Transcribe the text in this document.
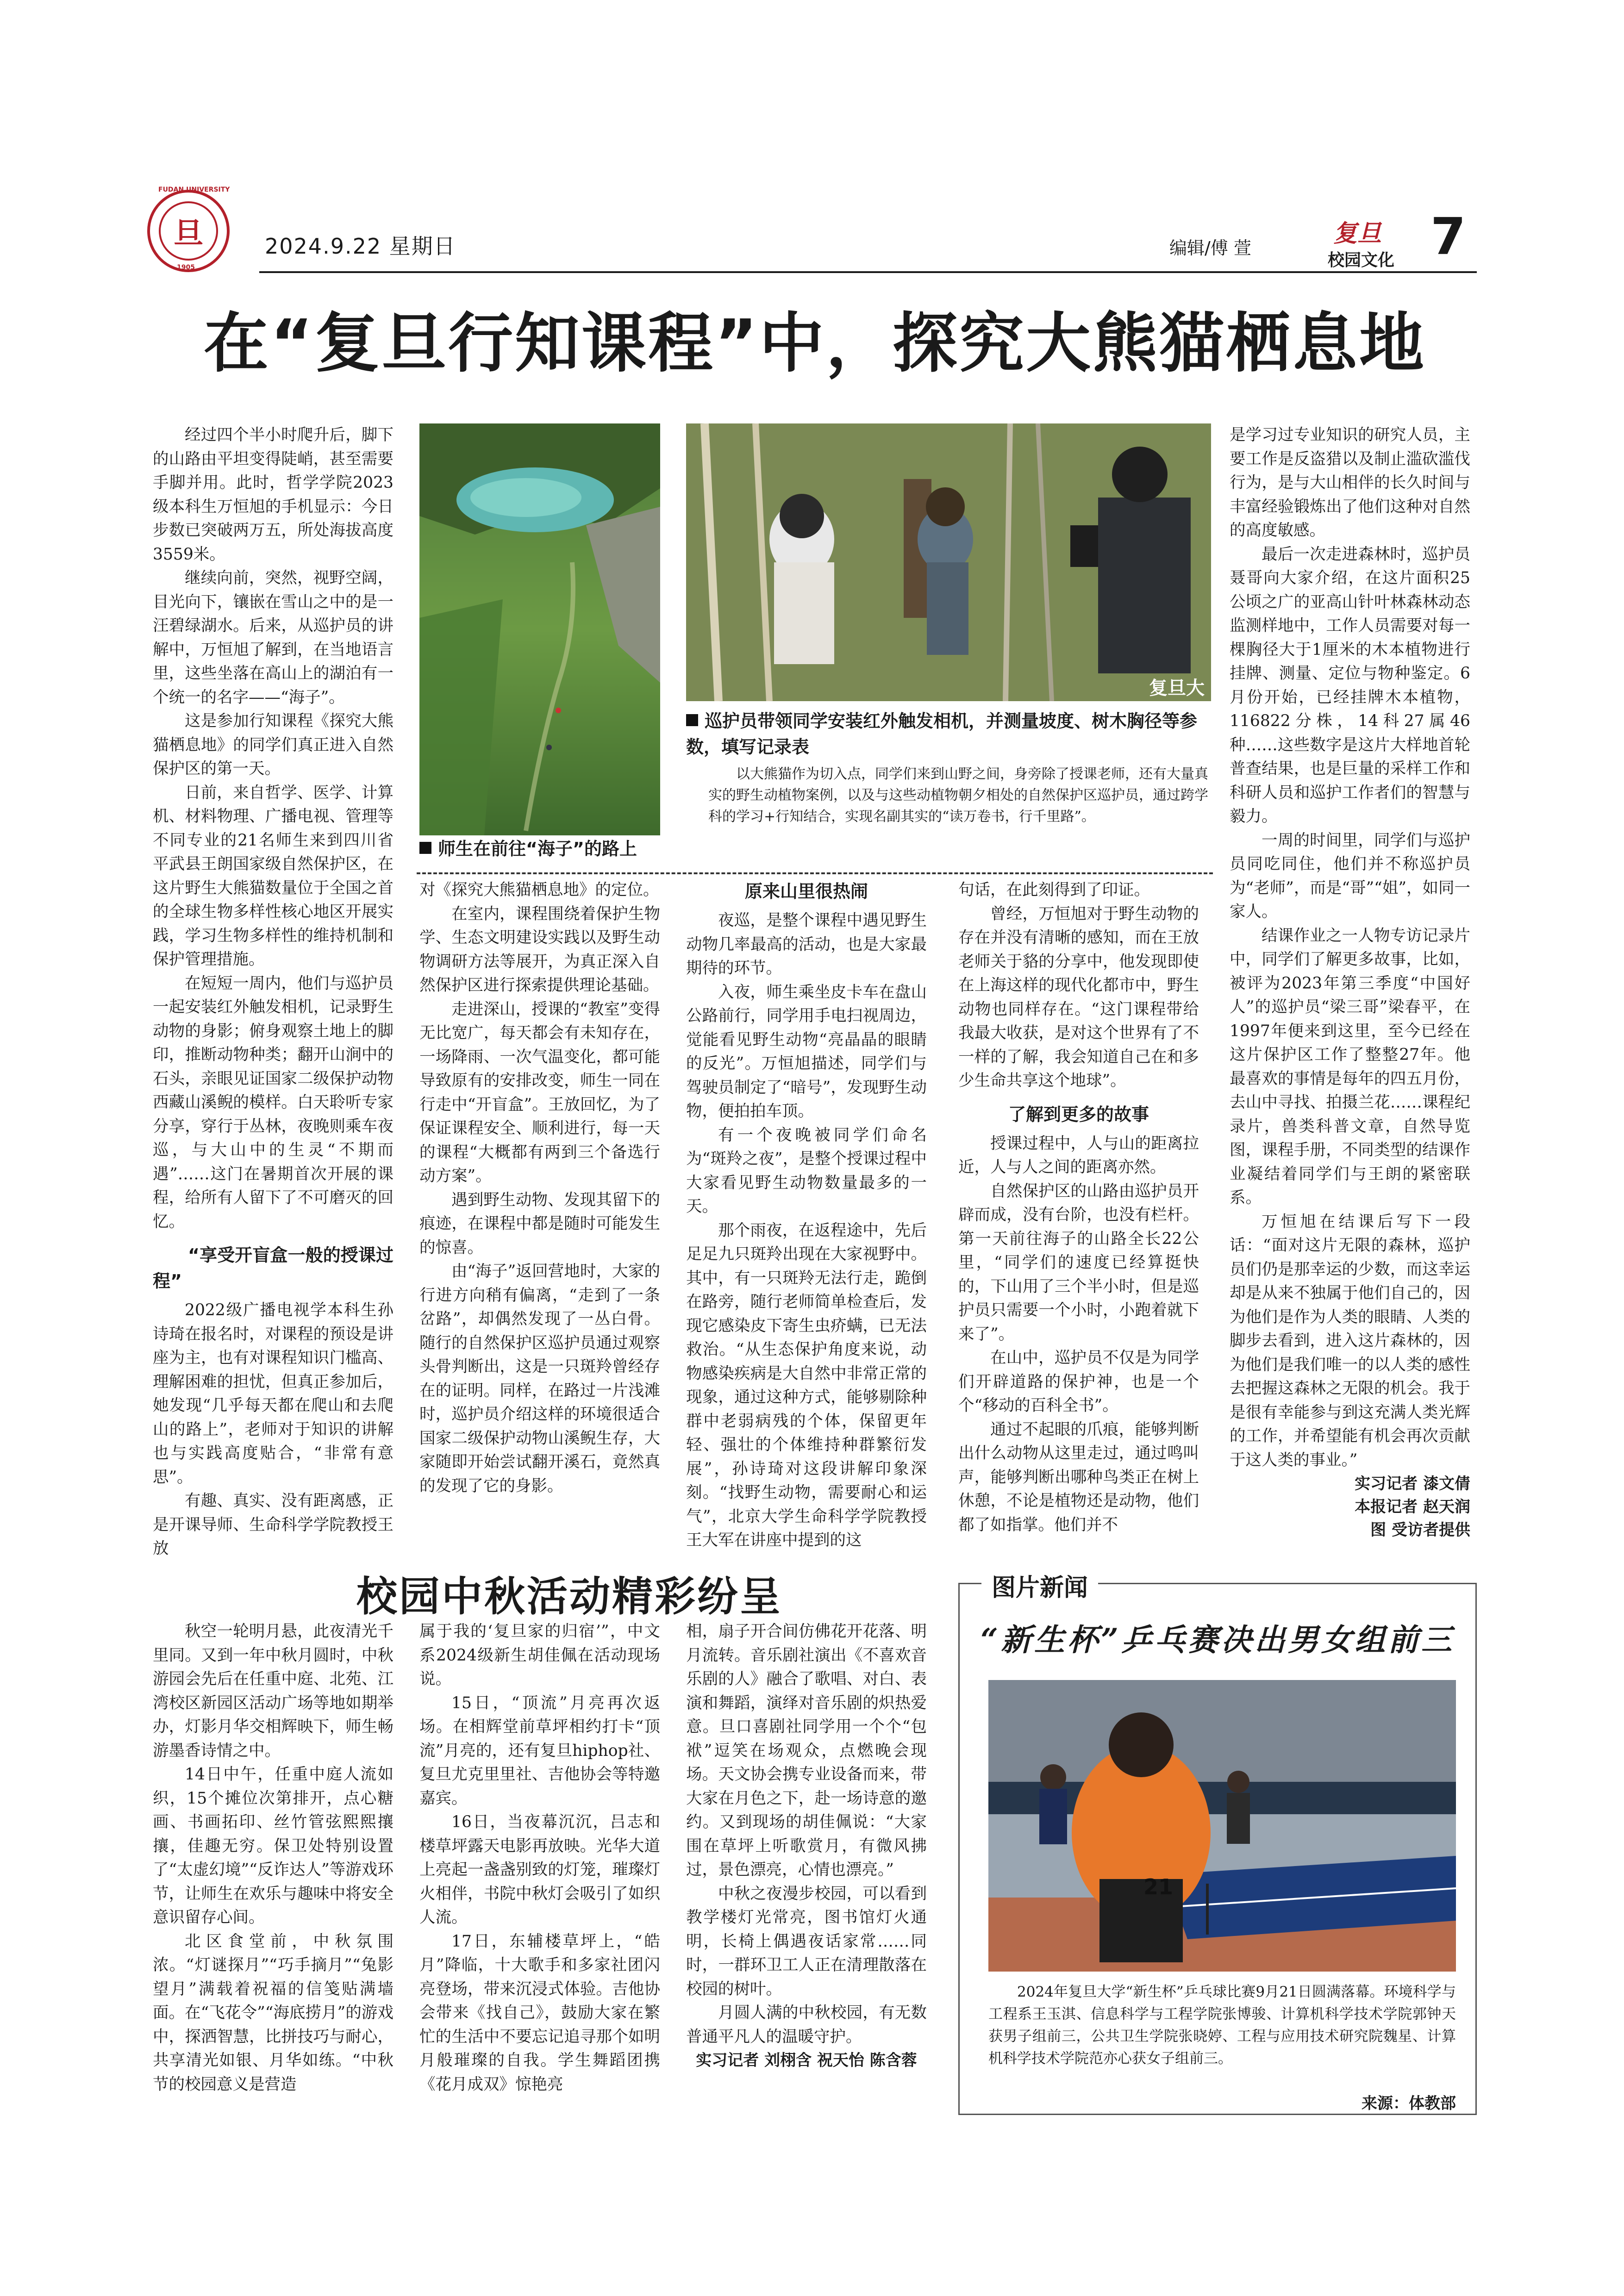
旦
FUDAN UNIVERSITY
1905
2024.9.22 星期日	编辑/傅 萱
复旦
校园文化 7
在“复旦行知课程”中，探究大熊猫栖息地

经过四个半小时爬升后，脚下的山路由平坦变得陡峭，甚至需要手脚并用。此时，哲学学院2023级本科生万恒旭的手机显示：今日步数已突破两万五，所处海拔高度3559米。

继续向前，突然，视野空阔，目光向下，镶嵌在雪山之中的是一汪碧绿湖水。后来，从巡护员的讲解中，万恒旭了解到，在当地语言里，这些坐落在高山上的湖泊有一个统一的名字——“海子”。

这是参加行知课程《探究大熊猫栖息地》的同学们真正进入自然保护区的第一天。

日前，来自哲学、医学、计算机、材料物理、广播电视、管理等不同专业的21名师生来到四川省平武县王朗国家级自然保护区，在这片野生大熊猫数量位于全国之首的全球生物多样性核心地区开展实践，学习生物多样性的维持机制和保护管理措施。

在短短一周内，他们与巡护员一起安装红外触发相机，记录野生动物的身影；俯身观察土地上的脚印，推断动物种类；翻开山涧中的石头，亲眼见证国家二级保护动物西藏山溪鲵的模样。白天聆听专家分享，穿行于丛林，夜晚则乘车夜巡，与大山中的生灵“不期而遇”……这门在暑期首次开展的课程，给所有人留下了不可磨灭的回忆。

“享受开盲盒一般的授课过程”

2022级广播电视学本科生孙诗琦在报名时，对课程的预设是讲座为主，也有对课程知识门槛高、理解困难的担忧，但真正参加后，她发现“几乎每天都在爬山和去爬山的路上”，老师对于知识的讲解也与实践高度贴合，“非常有意思”。

有趣、真实、没有距离感，正是开课导师、生命科学学院教授王放

师生在前往“海子”的路上
复旦大
巡护员带领同学安装红外触发相机，并测量坡度、树木胸径等参数，填写记录表
以大熊猫作为切入点，同学们来到山野之间，身旁除了授课老师，还有大量真实的野生动植物案例，以及与这些动植物朝夕相处的自然保护区巡护员，通过跨学科的学习+行知结合，实现名副其实的“读万卷书，行千里路”。

对《探究大熊猫栖息地》的定位。

在室内，课程围绕着保护生物学、生态文明建设实践以及野生动物调研方法等展开，为真正深入自然保护区进行探索提供理论基础。

走进深山，授课的“教室”变得无比宽广，每天都会有未知存在，一场降雨、一次气温变化，都可能导致原有的安排改变，师生一同在行走中“开盲盒”。王放回忆，为了保证课程安全、顺利进行，每一天的课程“大概都有两到三个备选行动方案”。

遇到野生动物、发现其留下的痕迹，在课程中都是随时可能发生的惊喜。

由“海子”返回营地时，大家的行进方向稍有偏离，“走到了一条岔路”，却偶然发现了一丛白骨。随行的自然保护区巡护员通过观察头骨判断出，这是一只斑羚曾经存在的证明。同样，在路过一片浅滩时，巡护员介绍这样的环境很适合国家二级保护动物山溪鲵生存，大家随即开始尝试翻开溪石，竟然真的发现了它的身影。

原来山里很热闹

夜巡，是整个课程中遇见野生动物几率最高的活动，也是大家最期待的环节。

入夜，师生乘坐皮卡车在盘山公路前行，同学用手电扫视周边，觉能看见野生动物“亮晶晶的眼睛的反光”。万恒旭描述，同学们与驾驶员制定了“暗号”，发现野生动物，便拍拍车顶。

有一个夜晚被同学们命名为“斑羚之夜”，是整个授课过程中大家看见野生动物数量最多的一天。

那个雨夜，在返程途中，先后足足九只斑羚出现在大家视野中。其中，有一只斑羚无法行走，跪倒在路旁，随行老师简单检查后，发现它感染皮下寄生虫疥螨，已无法救治。“从生态保护角度来说，动物感染疾病是大自然中非常正常的现象，通过这种方式，能够剔除种群中老弱病残的个体，保留更年轻、强壮的个体维持种群繁衍发展”，孙诗琦对这段讲解印象深刻。“找野生动物，需要耐心和运气”，北京大学生命科学学院教授王大军在讲座中提到的这

句话，在此刻得到了印证。

曾经，万恒旭对于野生动物的存在并没有清晰的感知，而在王放老师关于貉的分享中，他发现即使在上海这样的现代化都市中，野生动物也同样存在。“这门课程带给我最大收获，是对这个世界有了不一样的了解，我会知道自己在和多少生命共享这个地球”。

了解到更多的故事

授课过程中，人与山的距离拉近，人与人之间的距离亦然。

自然保护区的山路由巡护员开辟而成，没有台阶，也没有栏杆。第一天前往海子的山路全长22公里，“同学们的速度已经算挺快的，下山用了三个半小时，但是巡护员只需要一个小时，小跑着就下来了”。

在山中，巡护员不仅是为同学们开辟道路的保护神，也是一个个“移动的百科全书”。

通过不起眼的爪痕，能够判断出什么动物从这里走过，通过鸣叫声，能够判断出哪种鸟类正在树上休憩，不论是植物还是动物，他们都了如指掌。他们并不

是学习过专业知识的研究人员，主要工作是反盗猎以及制止滥砍滥伐行为，是与大山相伴的长久时间与丰富经验锻炼出了他们这种对自然的高度敏感。

最后一次走进森林时，巡护员聂哥向大家介绍，在这片面积25公顷之广的亚高山针叶林森林动态监测样地中，工作人员需要对每一棵胸径大于1厘米的木本植物进行挂牌、测量、定位与物种鉴定。6月份开始，已经挂牌木本植物，116822分株，14科27属46种……这些数字是这片大样地首轮普查结果，也是巨量的采样工作和科研人员和巡护工作者们的智慧与毅力。

一周的时间里，同学们与巡护员同吃同住，他们并不称巡护员为“老师”，而是“哥”“姐”，如同一家人。

结课作业之一人物专访记录片中，同学们了解更多故事，比如，被评为2023年第三季度“中国好人”的巡护员“梁三哥”梁春平，在1997年便来到这里，至今已经在这片保护区工作了整整27年。他最喜欢的事情是每年的四五月份，去山中寻找、拍摄兰花……课程纪录片，兽类科普文章，自然导览图，课程手册，不同类型的结课作业凝结着同学们与王朗的紧密联系。

万恒旭在结课后写下一段话：“面对这片无限的森林，巡护员们仍是那幸运的少数，而这幸运却是从来不独属于他们自己的，因为他们是作为人类的眼睛、人类的脚步去看到，进入这片森林的，因为他们是我们唯一的以人类的感性去把握这森林之无限的机会。我于是很有幸能参与到这充满人类光辉的工作，并希望能有机会再次贡献于这人类的事业。”

实习记者 漆文倩
本报记者 赵天润
图 受访者提供
校园中秋活动精彩纷呈

秋空一轮明月悬，此夜清光千里同。又到一年中秋月圆时，中秋游园会先后在任重中庭、北苑、江湾校区新园区活动广场等地如期举办，灯影月华交相辉映下，师生畅游墨香诗情之中。

14日中午，任重中庭人流如织，15个摊位次第排开，点心糖画、书画拓印、丝竹管弦熙熙攘攘，佳趣无穷。保卫处特别设置了“太虚幻境”“反诈达人”等游戏环节，让师生在欢乐与趣味中将安全意识留存心间。

北区食堂前，中秋氛围浓。“灯谜探月”“巧手摘月”“兔影望月”满载着祝福的信笺贴满墙面。在“飞花令”“海底捞月”的游戏中，探洒智慧，比拼技巧与耐心，共享清光如银、月华如练。“中秋节的校园意义是营造

属于我的‘复旦家的归宿’”，中文系2024级新生胡佳佩在活动现场说。

15日，“顶流”月亮再次返场。在相辉堂前草坪相约打卡“顶流”月亮的，还有复旦hiphop社、复旦尤克里里社、吉他协会等特邀嘉宾。

16日，当夜幕沉沉，吕志和楼草坪露天电影再放映。光华大道上亮起一盏盏别致的灯笼，璀璨灯火相伴，书院中秋灯会吸引了如织人流。

17日，东辅楼草坪上，“皓月”降临，十大歌手和多家社团闪亮登场，带来沉浸式体验。吉他协会带来《找自己》，鼓励大家在繁忙的生活中不要忘记追寻那个如明月般璀璨的自我。学生舞蹈团携《花月成双》惊艳亮

相，扇子开合间仿佛花开花落、明月流转。音乐剧社演出《不喜欢音乐剧的人》融合了歌唱、对白、表演和舞蹈，演绎对音乐剧的炽热爱意。旦口喜剧社同学用一个个“包袱”逗笑在场观众，点燃晚会现场。天文协会携专业设备而来，带大家在月色之下，赴一场诗意的邀约。又到现场的胡佳佩说：“大家围在草坪上听歌赏月，有微风拂过，景色漂亮，心情也漂亮。”

中秋之夜漫步校园，可以看到教学楼灯光常亮，图书馆灯火通明，长椅上偶遇夜话家常……同时，一群环卫工人正在清理散落在校园的树叶。

月圆人满的中秋校园，有无数普通平凡人的温暖守护。

实习记者 刘栩含 祝天怡 陈含蓉
图片新闻
“新生杯”乒乓赛决出男女组前三
21
2024年复旦大学“新生杯”乒乓球比赛9月21日圆满落幕。环境科学与工程系王玉淇、信息科学与工程学院张博骏、计算机科学技术学院郭钟天获男子组前三，公共卫生学院张晓婷、工程与应用技术研究院魏星、计算机科学技术学院范亦心获女子组前三。
来源：体教部
